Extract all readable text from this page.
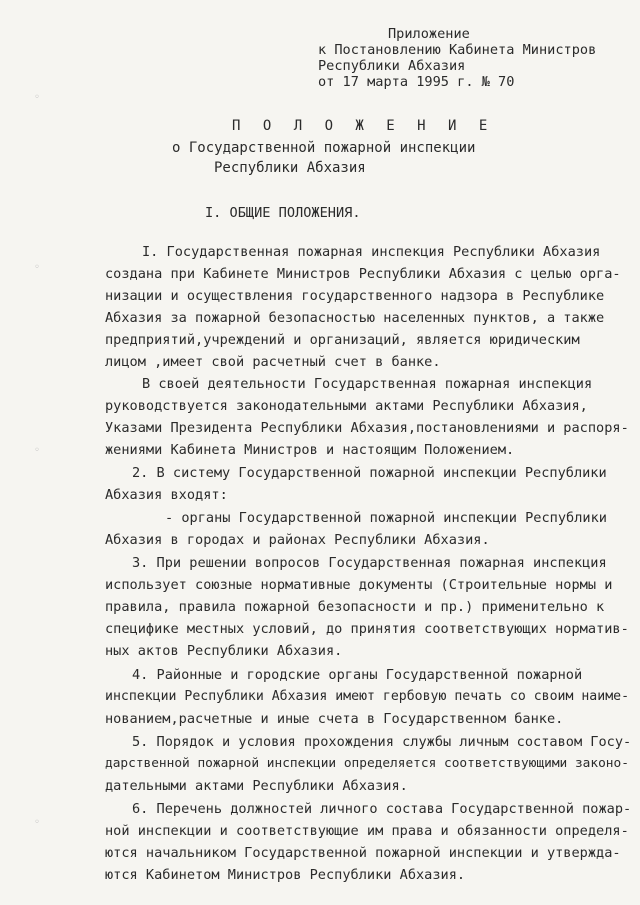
◦
◦
◦
◦
Приложение
к Постановлению Кабинета Министров
Республики Абхазия
от 17 марта 1995 г. № 70
П О Л О Ж Е Н И Е
о Государственной пожарной инспекции
Республики Абхазия
I. ОБЩИЕ ПОЛОЖЕНИЯ.
I. Государственная пожарная инспекция Республики Абхазия
создана при Кабинете Министров Республики Абхазия с целью орга-
низации и осуществления государственного надзора в Республике
Абхазия за пожарной безопасностью населенных пунктов, а также
предприятий,учреждений и организаций, является юридическим
лицом ,имеет свой расчетный счет в банке.
В своей деятельности Государственная пожарная инспекция
руководствуется законодательными актами Республики Абхазия,
Указами Президента Республики Абхазия,постановлениями и распоря-
жениями Кабинета Министров и настоящим Положением.
2. В систему Государственной пожарной инспекции Республики
Абхазия входят:
- органы Государственной пожарной инспекции Республики
Абхазия в городах и районах Республики Абхазия.
3. При решении вопросов Государственная пожарная инспекция
использует союзные нормативные документы (Строительные нормы и
правила, правила пожарной безопасности и пр.) применительно к
специфике местных условий, до принятия соответствующих норматив-
ных актов Республики Абхазия.
4. Районные и городские органы Государственной пожарной
инспекции Республики Абхазия имеют гербовую печать со своим наиме-
нованием,расчетные и иные счета в Государственном банке.
5. Порядок и условия прохождения службы личным составом Госу-
дарственной пожарной инспекции определяется соответствующими законо-
дательными актами Республики Абхазия.
6. Перечень должностей личного состава Государственной пожар-
ной инспекции и соответствующие им права и обязанности определя-
ются начальником Государственной пожарной инспекции и утвержда-
ются Кабинетом Министров Республики Абхазия.
